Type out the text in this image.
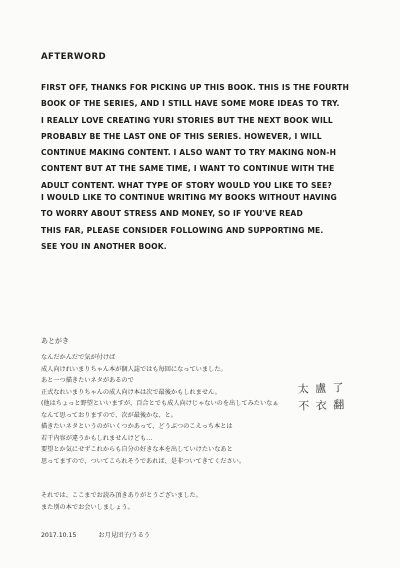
AFTERWORD
FIRST OFF, THANKS FOR PICKING UP THIS BOOK. THIS IS THE FOURTH
BOOK OF THE SERIES, AND I STILL HAVE SOME MORE IDEAS TO TRY.
I REALLY LOVE CREATING YURI STORIES BUT THE NEXT BOOK WILL
PROBABLY BE THE LAST ONE OF THIS SERIES. HOWEVER, I WILL
CONTINUE MAKING CONTENT. I ALSO WANT TO TRY MAKING NON-H
CONTENT BUT AT THE SAME TIME, I WANT TO CONTINUE WITH THE
ADULT CONTENT. WHAT TYPE OF STORY WOULD YOU LIKE TO SEE?
I WOULD LIKE TO CONTINUE WRITING MY BOOKS WITHOUT HAVING
TO WORRY ABOUT STRESS AND MONEY, SO IF YOU'VE READ
THIS FAR, PLEASE CONSIDER FOLLOWING AND SUPPORTING ME.
SEE YOU IN ANOTHER BOOK.
あとがき
なんだかんだで気が付けば
成人向けれいまりちゃん本が個人誌ではも毎回になっていました。
あと一つ描きたいネタがあるので
正式なれいまりちゃんの成人向け本は次で最後かもしれません。
(他はちょっと野望といいますが、百合とでも成人向けじゃないのを出してみたいなぁ
なんて思っておりますので、次が最後かな、と。
描きたいネタというのがいくつかあって、どうぶつのこえっち本とは
若干内容が違うかもしれませんけども…
要望とか気にせずこれからも自分の好きな本を出していけたいなあと
思ってますので、ついてこられそうであれば、是非ついてきてください。
それでは、ここまでお読み頂きありがとうございました。
また別の本でお会いしましょう。
太 盧 了
不 衣 翻
2017.10.15	お月見団子/うるう
